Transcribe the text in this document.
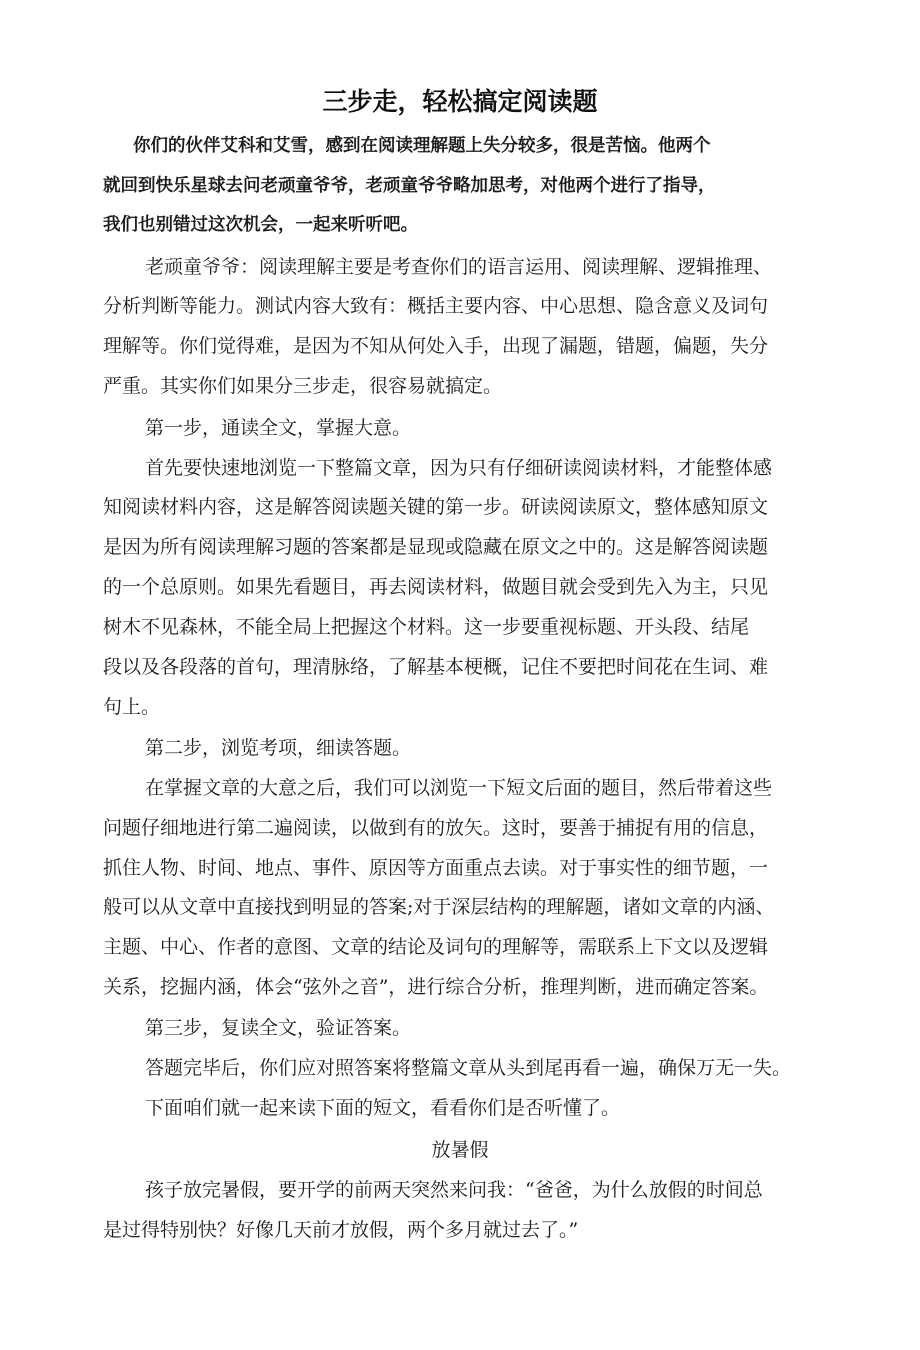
三步走，轻松搞定阅读题
你们的伙伴艾科和艾雪，感到在阅读理解题上失分较多，很是苦恼。他两个
就回到快乐星球去问老顽童爷爷，老顽童爷爷略加思考，对他两个进行了指导，
我们也别错过这次机会，一起来听听吧。
老顽童爷爷：阅读理解主要是考查你们的语言运用、阅读理解、逻辑推理、
分析判断等能力。测试内容大致有：概括主要内容、中心思想、隐含意义及词句
理解等。你们觉得难，是因为不知从何处入手，出现了漏题，错题，偏题，失分
严重。其实你们如果分三步走，很容易就搞定。
第一步，通读全文，掌握大意。
首先要快速地浏览一下整篇文章，因为只有仔细研读阅读材料，才能整体感
知阅读材料内容，这是解答阅读题关键的第一步。研读阅读原文，整体感知原文
是因为所有阅读理解习题的答案都是显现或隐藏在原文之中的。这是解答阅读题
的一个总原则。如果先看题目，再去阅读材料，做题目就会受到先入为主，只见
树木不见森林，不能全局上把握这个材料。这一步要重视标题、开头段、结尾
段以及各段落的首句，理清脉络，了解基本梗概，记住不要把时间花在生词、难
句上。
第二步，浏览考项，细读答题。
在掌握文章的大意之后，我们可以浏览一下短文后面的题目，然后带着这些
问题仔细地进行第二遍阅读，以做到有的放矢。这时，要善于捕捉有用的信息，
抓住人物、时间、地点、事件、原因等方面重点去读。对于事实性的细节题，一
般可以从文章中直接找到明显的答案;对于深层结构的理解题，诸如文章的内涵、
主题、中心、作者的意图、文章的结论及词句的理解等，需联系上下文以及逻辑
关系，挖掘内涵，体会“弦外之音”，进行综合分析，推理判断，进而确定答案。
第三步，复读全文，验证答案。
答题完毕后，你们应对照答案将整篇文章从头到尾再看一遍，确保万无一失。
下面咱们就一起来读下面的短文，看看你们是否听懂了。
放暑假
孩子放完暑假，要开学的前两天突然来问我：“爸爸，为什么放假的时间总
是过得特别快？好像几天前才放假，两个多月就过去了。”
